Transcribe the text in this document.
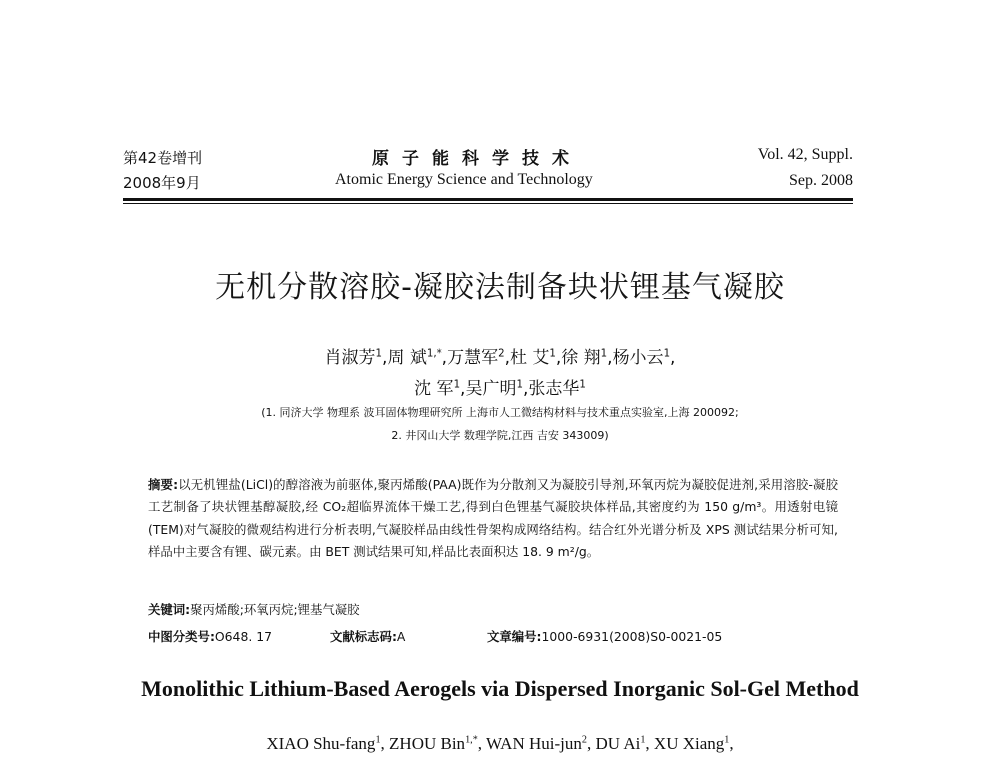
第42卷增刊
2008年9月
原子能科学技术
Atomic Energy Science and Technology
Vol. 42, Suppl.
Sep. 2008
无机分散溶胶-凝胶法制备块状锂基气凝胶
肖淑芳$^1$,周 斌$^{1,*}$,万慧军$^2$,杜 艾$^1$,徐 翔$^1$,杨小云$^1$,
沈 军$^1$,吴广明$^1$,张志华$^1$
(1. 同济大学 物理系 波耳固体物理研究所 上海市人工微结构材料与技术重点实验室,上海 200092;
2. 井冈山大学 数理学院,江西 吉安 343009)
摘要:以无机锂盐(LiCl)的醇溶液为前驱体,聚丙烯酸(PAA)既作为分散剂又为凝胶引导剂,环氧丙烷为凝胶促进剂,采用溶胶-凝胶工艺制备了块状锂基醇凝胶,经 CO₂超临界流体干燥工艺,得到白色锂基气凝胶块体样品,其密度约为 150 g/m³。用透射电镜(TEM)对气凝胶的微观结构进行分析表明,气凝胶样品由线性骨架构成网络结构。结合红外光谱分析及 XPS 测试结果分析可知,样品中主要含有锂、碳元素。由 BET 测试结果可知,样品比表面积达 18. 9 m²/g。
关键词:聚丙烯酸;环氧丙烷;锂基气凝胶
中图分类号:O648. 17	文献标志码:A	文章编号:1000-6931(2008)S0-0021-05
Monolithic Lithium-Based Aerogels via Dispersed Inorganic Sol-Gel Method
XIAO Shu-fang$^1$, ZHOU Bin$^{1,*}$, WAN Hui-jun$^2$, DU Ai$^1$, XU Xiang$^1$,
